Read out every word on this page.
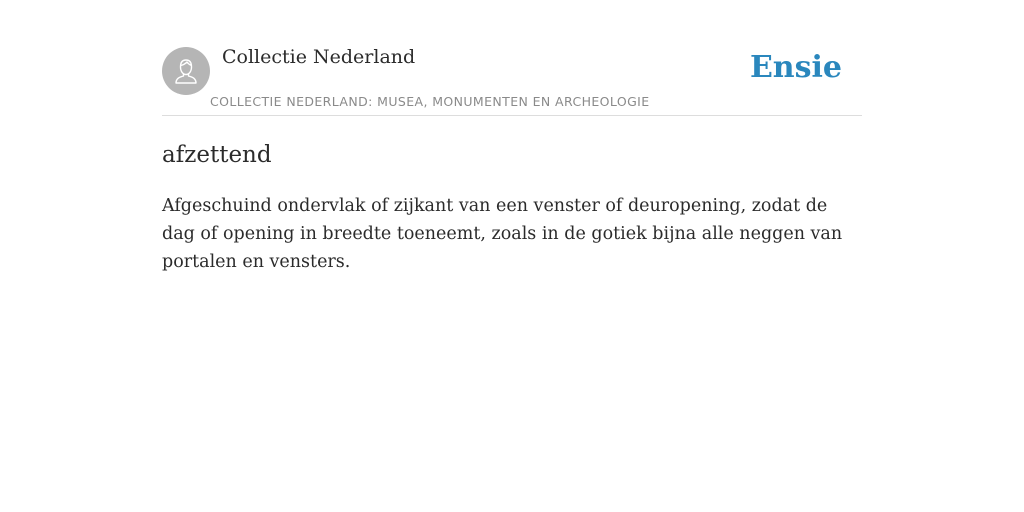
Collectie Nederland
COLLECTIE NEDERLAND: MUSEA, MONUMENTEN EN ARCHEOLOGIE
Ensie
afzettend

Afgeschuind ondervlak of zijkant van een venster of deuropening, zodat de dag of opening in breedte toeneemt, zoals in de gotiek bijna alle neggen van portalen en vensters.
